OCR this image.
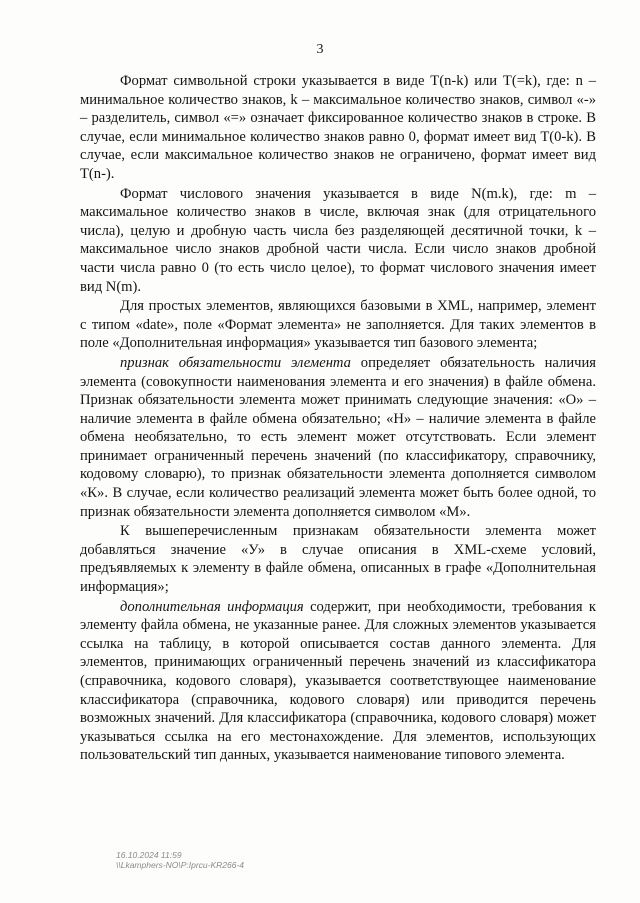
3

Формат символьной строки указывается в виде T(n-k) или T(=k), где: n – минимальное количество знаков, k – максимальное количество знаков, символ «-» – разделитель, символ «=» означает фиксированное количество знаков в строке. В случае, если минимальное количество знаков равно 0, формат имеет вид T(0-k). В случае, если максимальное количество знаков не ограничено, формат имеет вид T(n-).

Формат числового значения указывается в виде N(m.k), где: m – максимальное количество знаков в числе, включая знак (для отрицательного числа), целую и дробную часть числа без разделяющей десятичной точки, k – максимальное число знаков дробной части числа. Если число знаков дробной части числа равно 0 (то есть число целое), то формат числового значения имеет вид N(m).

Для простых элементов, являющихся базовыми в XML, например, элемент с типом «date», поле «Формат элемента» не заполняется. Для таких элементов в поле «Дополнительная информация» указывается тип базового элемента;

признак обязательности элемента определяет обязательность наличия элемента (совокупности наименования элемента и его значения) в файле обмена. Признак обязательности элемента может принимать следующие значения: «О» – наличие элемента в файле обмена обязательно; «Н» – наличие элемента в файле обмена необязательно, то есть элемент может отсутствовать. Если элемент принимает ограниченный перечень значений (по классификатору, справочнику, кодовому словарю), то признак обязательности элемента дополняется символом «К». В случае, если количество реализаций элемента может быть более одной, то признак обязательности элемента дополняется символом «М».

К вышеперечисленным признакам обязательности элемента может добавляться значение «У» в случае описания в XML-схеме условий, предъявляемых к элементу в файле обмена, описанных в графе «Дополнительная информация»;

дополнительная информация содержит, при необходимости, требования к элементу файла обмена, не указанные ранее. Для сложных элементов указывается ссылка на таблицу, в которой описывается состав данного элемента. Для элементов, принимающих ограниченный перечень значений из классификатора (справочника, кодового словаря), указывается соответствующее наименование классификатора (справочника, кодового словаря) или приводится перечень возможных значений. Для классификатора (справочника, кодового словаря) может указываться ссылка на его местонахождение. Для элементов, использующих пользовательский тип данных, указывается наименование типового элемента.

16.10.2024 11:59
\\Lkamphers-NO\P:Iprcu-KR266-4
